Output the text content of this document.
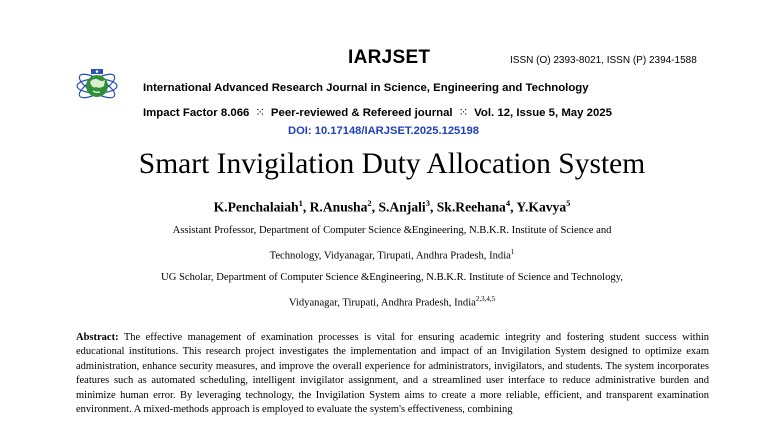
IARJSET	ISSN (O) 2393-8021, ISSN (P) 2394-1588
International Advanced Research Journal in Science, Engineering and Technology
Impact Factor 8.066 ⁙ Peer-reviewed & Refereed journal ⁙ Vol. 12, Issue 5, May 2025
DOI: 10.17148/IARJSET.2025.125198
Smart Invigilation Duty Allocation System
K.Penchalaiah$^1$, R.Anusha$^2$, S.Anjali$^3$, Sk.Reehana$^4$, Y.Kavya$^5$
Assistant Professor, Department of Computer Science &Engineering, N.B.K.R. Institute of Science and
Technology, Vidyanagar, Tirupati, Andhra Pradesh, India$^1$
UG Scholar, Department of Computer Science &Engineering, N.B.K.R. Institute of Science and Technology,
Vidyanagar, Tirupati, Andhra Pradesh, India$^{2,3,4,5}$
Abstract: The effective management of examination processes is vital for ensuring academic integrity and fostering student success within educational institutions. This research project investigates the implementation and impact of an Invigilation System designed to optimize exam administration, enhance security measures, and improve the overall experience for administrators, invigilators, and students. The system incorporates features such as automated scheduling, intelligent invigilator assignment, and a streamlined user interface to reduce administrative burden and minimize human error. By leveraging technology, the Invigilation System aims to create a more reliable, efficient, and transparent examination environment. A mixed-methods approach is employed to evaluate the system's effectiveness, combining
